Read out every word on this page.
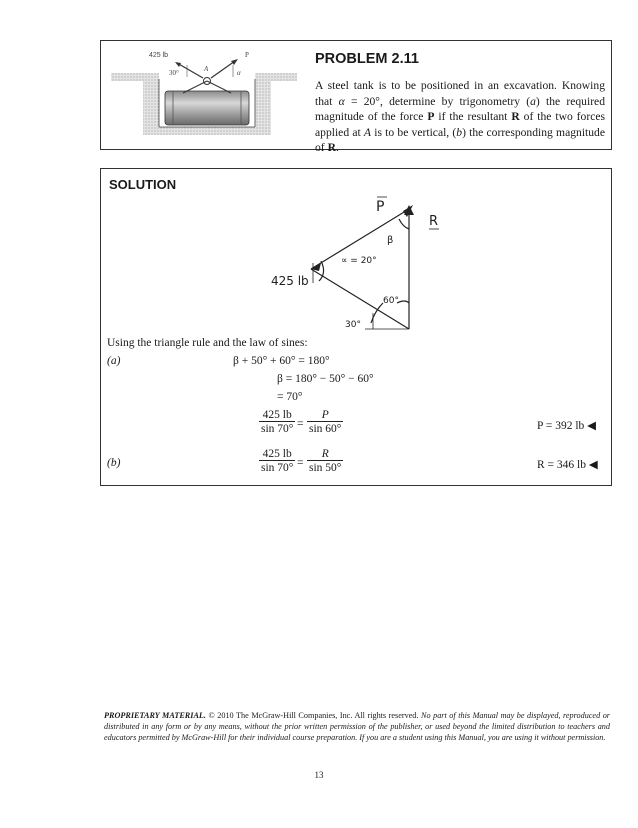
425 lb
30°	A	α
P	PROBLEM 2.11
A steel tank is to be positioned in an excavation. Knowing that α = 20°, determine by trigonometry (a) the required magnitude of the force P if the resultant R of the two forces applied at A is to be vertical, (b) the corresponding magnitude of R.
SOLUTION
P
R
β
∝ = 20°
425 lb
60°
30°
Using the triangle rule and the law of sines:
(a)	β + 50° + 60° = 180°
β = 180° − 50° − 60°
= 70°
$\frac{425 lb}{\sin 70^\circ} = \frac{P}{\sin 60^\circ}$	P = 392 lb ◀
(b)	$\frac{425 lb}{\sin 70^\circ} = \frac{R}{\sin 50^\circ}$	R = 346 lb ◀
PROPRIETARY MATERIAL. © 2010 The McGraw-Hill Companies, Inc. All rights reserved. No part of this Manual may be displayed, reproduced or distributed in any form or by any means, without the prior written permission of the publisher, or used beyond the limited distribution to teachers and educators permitted by McGraw-Hill for their individual course preparation. If you are a student using this Manual, you are using it without permission.
13
